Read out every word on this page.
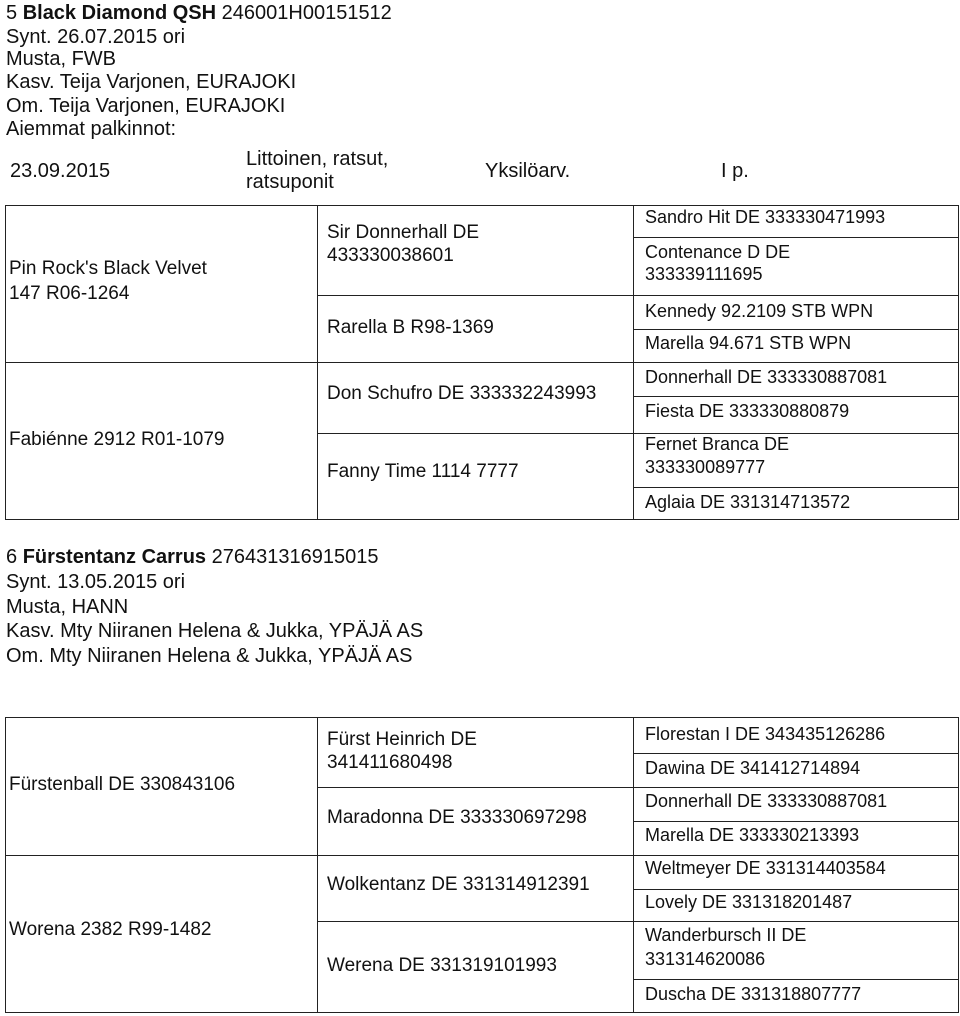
5 Black Diamond QSH 246001H00151512
Synt. 26.07.2015 ori
Musta, FWB
Kasv. Teija Varjonen, EURAJOKI
Om. Teija Varjonen, EURAJOKI
Aiemmat palkinnot:
23.09.2015
Littoinen, ratsut,
ratsuponit	Yksilöarv.	I p.
Pin Rock's Black Velvet
147 R06-1264
Fabiénne 2912 R01-1079
Sir Donnerhall DE
433330038601
Rarella B R98-1369
Don Schufro DE 333332243993
Fanny Time 1114 7777
Sandro Hit DE 333330471993
Contenance D DE
333339111695
Kennedy 92.2109 STB WPN
Marella 94.671 STB WPN
Donnerhall DE 333330887081
Fiesta DE 333330880879
Fernet Branca DE
333330089777
Aglaia DE 331314713572
6 Fürstentanz Carrus 276431316915015
Synt. 13.05.2015 ori
Musta, HANN
Kasv. Mty Niiranen Helena & Jukka, YPÄJÄ AS
Om. Mty Niiranen Helena & Jukka, YPÄJÄ AS
Fürstenball DE 330843106
Worena 2382 R99-1482
Fürst Heinrich DE
341411680498
Maradonna DE 333330697298
Wolkentanz DE 331314912391
Werena DE 331319101993
Florestan I DE 343435126286
Dawina DE 341412714894
Donnerhall DE 333330887081
Marella DE 333330213393
Weltmeyer DE 331314403584
Lovely DE 331318201487
Wanderbursch II DE
331314620086
Duscha DE 331318807777
